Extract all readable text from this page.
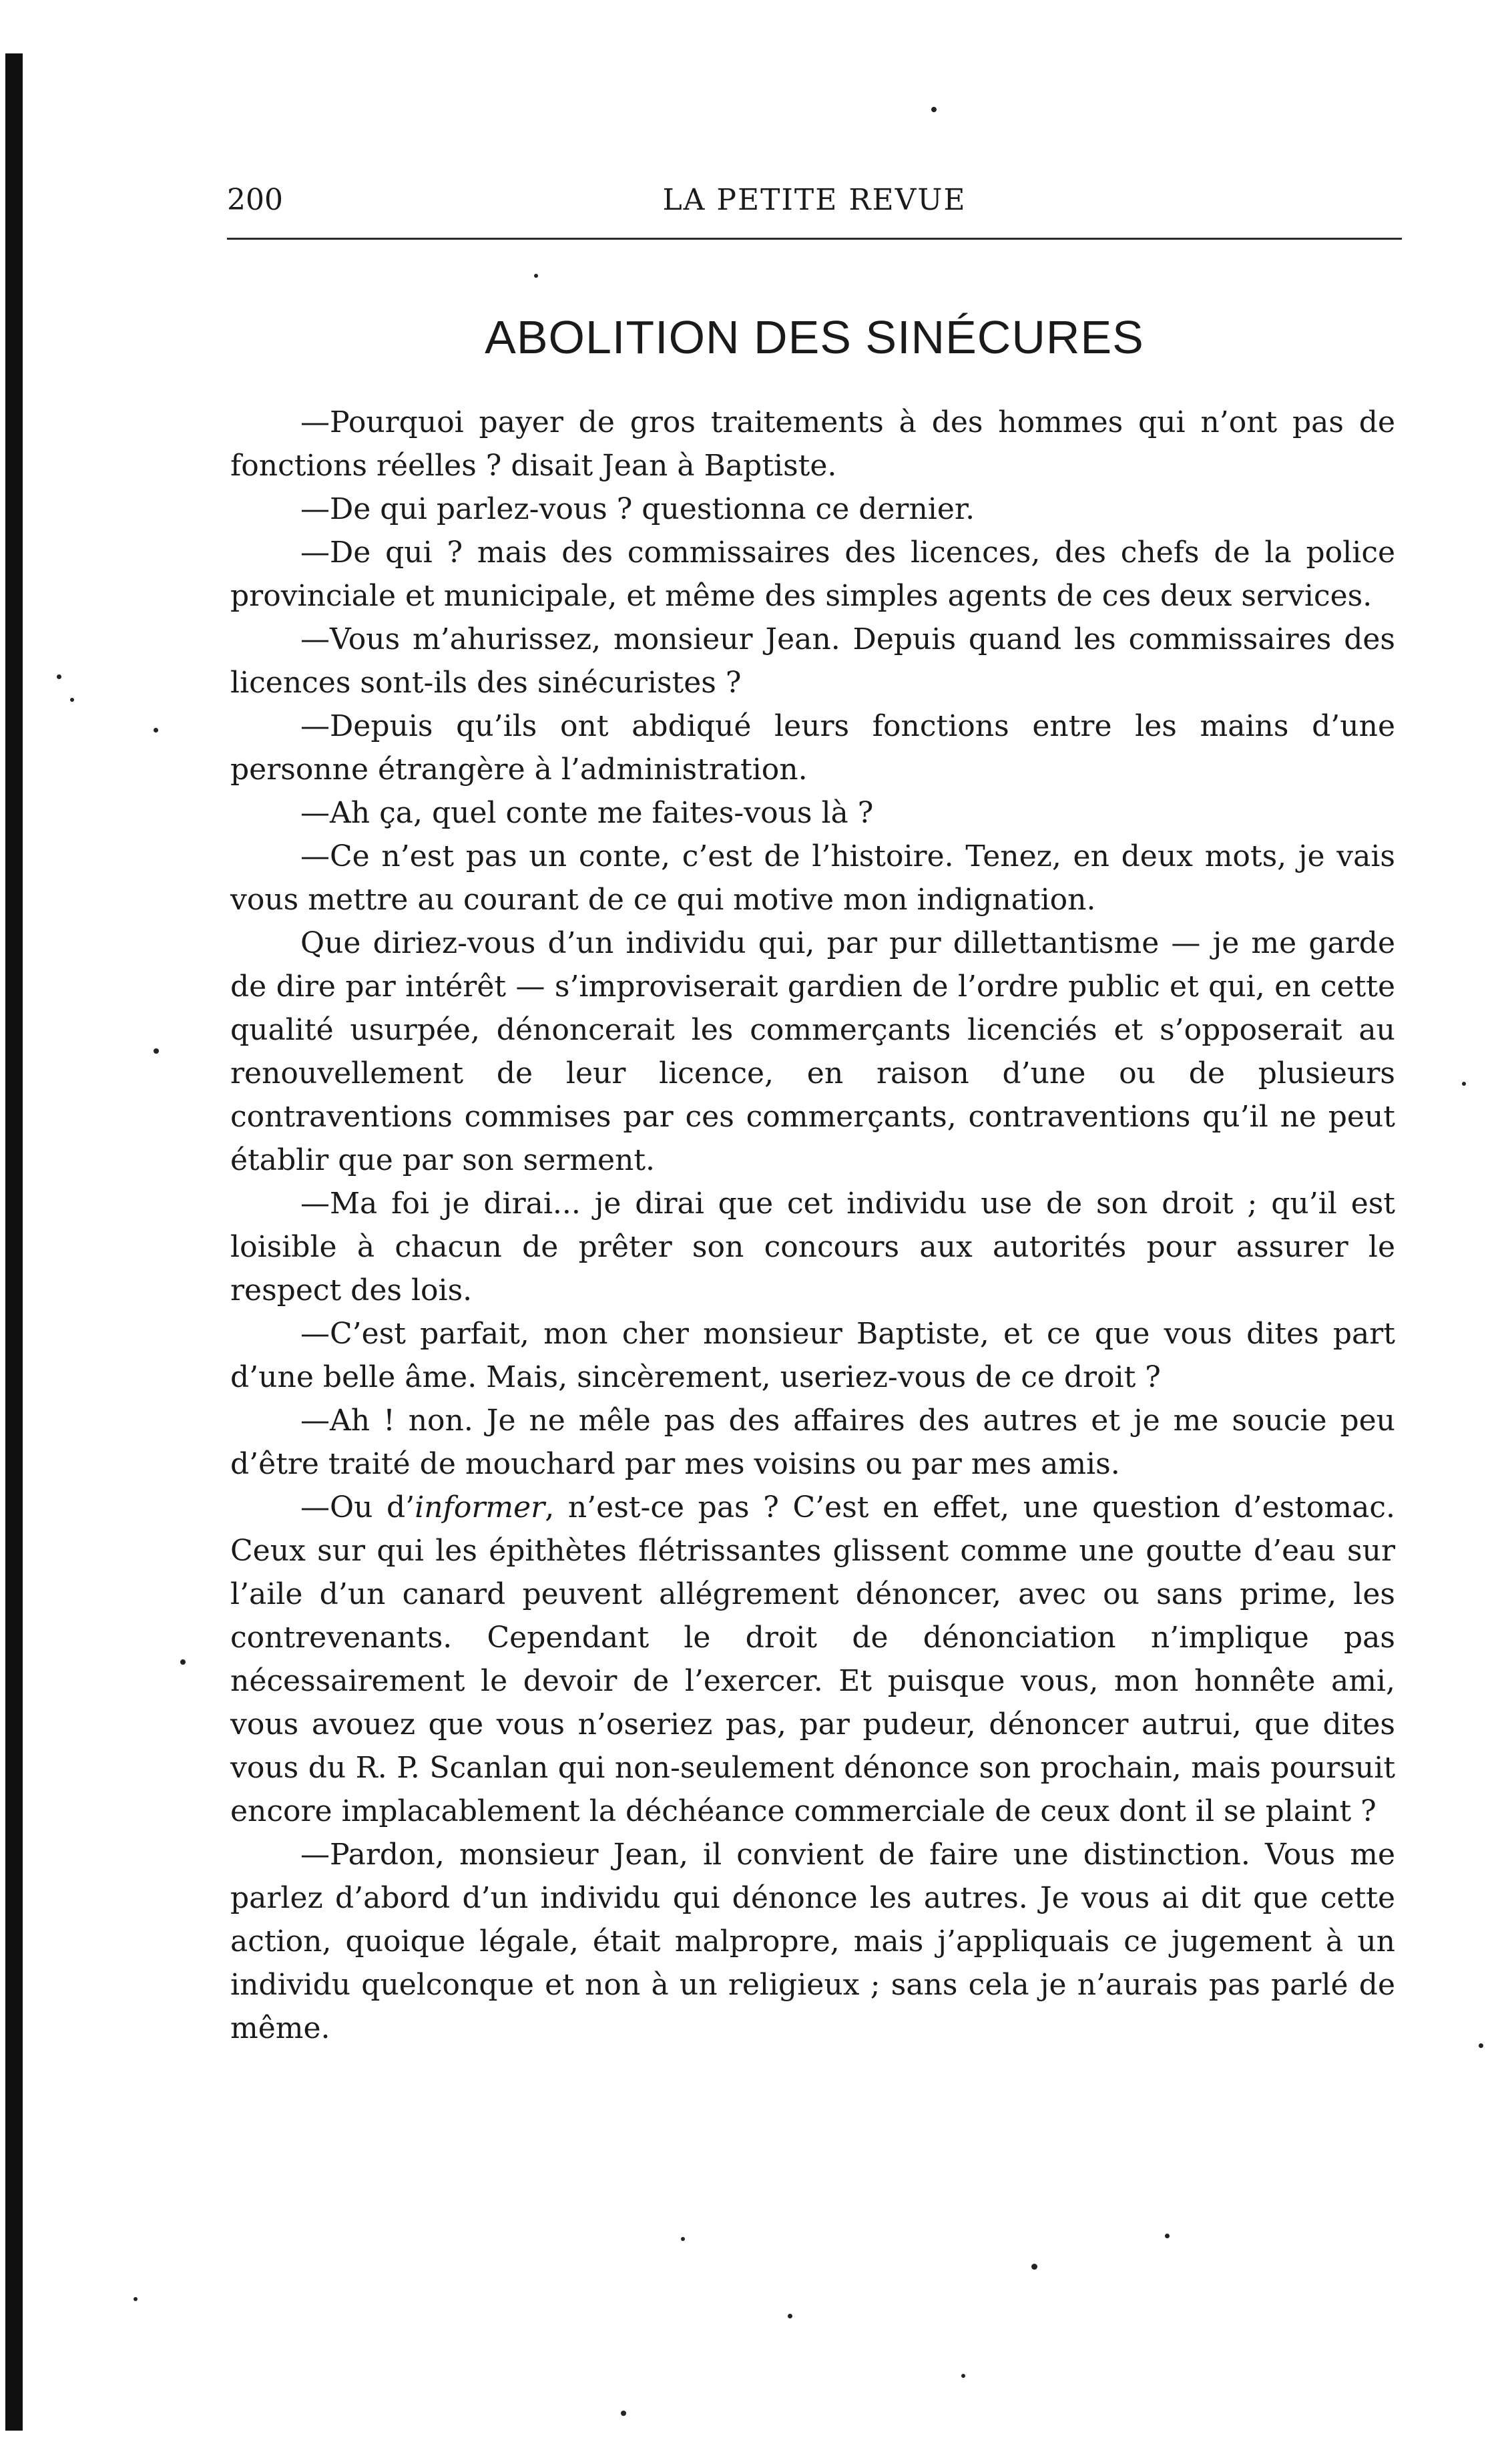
200	LA PETITE REVUE
ABOLITION DES SINÉCURES

—Pourquoi payer de gros traitements à des hommes qui n’ont pas de fonctions réelles ? disait Jean à Baptiste.

—De qui parlez-vous ? questionna ce dernier.

—De qui ? mais des commissaires des licences, des chefs de la police provinciale et municipale, et même des simples agents de ces deux services.

—Vous m’ahurissez, monsieur Jean. Depuis quand les commissaires des licences sont-ils des sinécuristes ?

—Depuis qu’ils ont abdiqué leurs fonctions entre les mains d’une personne étrangère à l’administration.

—Ah ça, quel conte me faites-vous là ?

—Ce n’est pas un conte, c’est de l’histoire. Tenez, en deux mots, je vais vous mettre au courant de ce qui motive mon indignation.

Que diriez-vous d’un individu qui, par pur dillettantisme — je me garde de dire par intérêt — s’improviserait gardien de l’ordre public et qui, en cette qualité usurpée, dénoncerait les commerçants licenciés et s’opposerait au renouvellement de leur licence, en raison d’une ou de plusieurs contraventions commises par ces commerçants, contraventions qu’il ne peut établir que par son serment.

—Ma foi je dirai... je dirai que cet individu use de son droit ; qu’il est loisible à chacun de prêter son concours aux autorités pour assurer le respect des lois.

—C’est parfait, mon cher monsieur Baptiste, et ce que vous dites part d’une belle âme. Mais, sincèrement, useriez-vous de ce droit ?

—Ah ! non. Je ne mêle pas des affaires des autres et je me soucie peu d’être traité de mouchard par mes voisins ou par mes amis.

—Ou d’informer, n’est-ce pas ? C’est en effet, une question d’estomac. Ceux sur qui les épithètes flétrissantes glissent comme une goutte d’eau sur l’aile d’un canard peuvent allégrement dénoncer, avec ou sans prime, les contrevenants. Cependant le droit de dénonciation n’implique pas nécessairement le devoir de l’exercer. Et puisque vous, mon honnête ami, vous avouez que vous n’oseriez pas, par pudeur, dénoncer autrui, que dites vous du R. P. Scanlan qui non-seulement dénonce son prochain, mais poursuit encore implacablement la déchéance commerciale de ceux dont il se plaint ?

—Pardon, monsieur Jean, il convient de faire une distinction. Vous me parlez d’abord d’un individu qui dénonce les autres. Je vous ai dit que cette action, quoique légale, était malpropre, mais j’appliquais ce jugement à un individu quelconque et non à un religieux ; sans cela je n’aurais pas parlé de même.
